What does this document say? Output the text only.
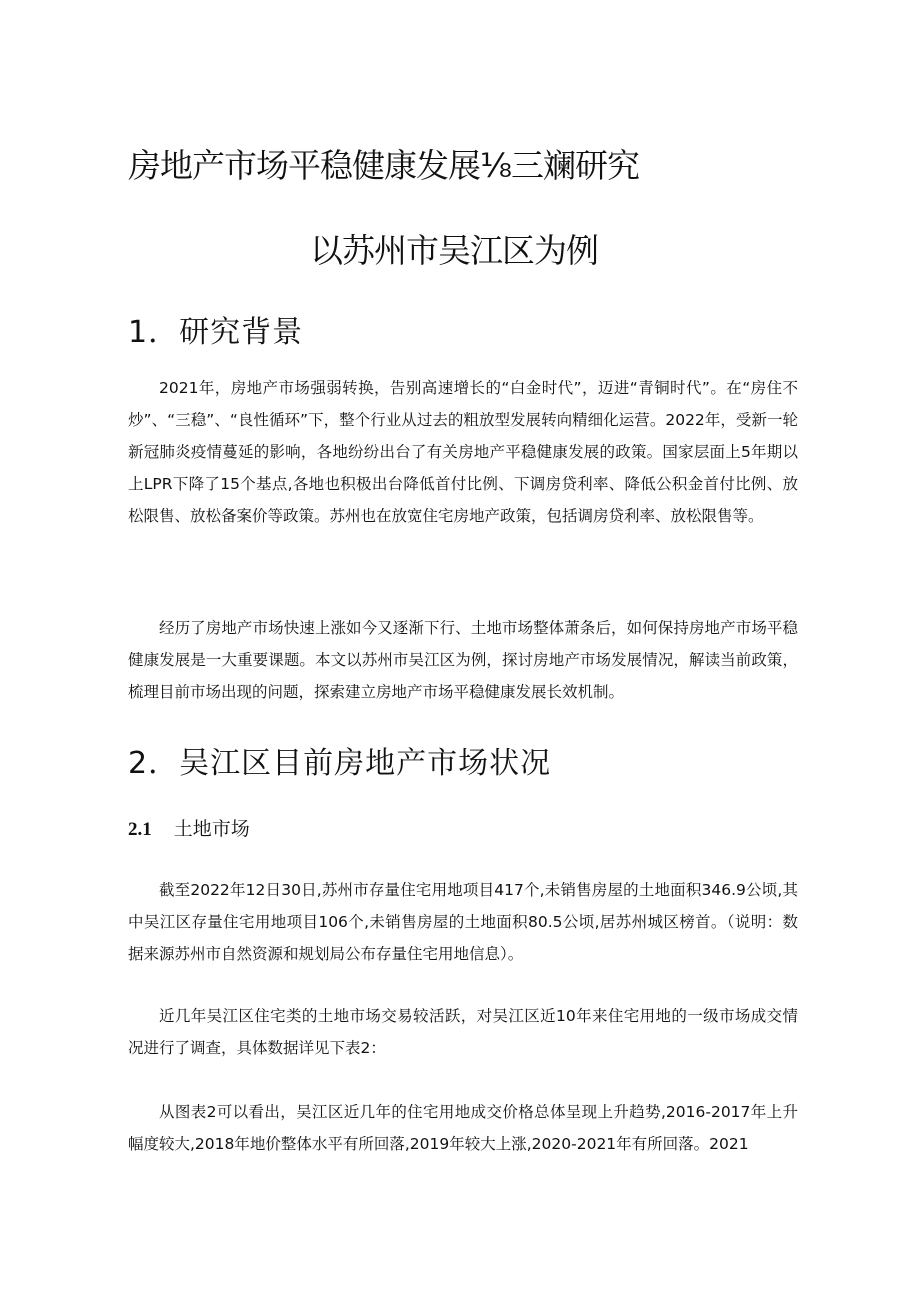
房地产市场平稳健康发展⅛三斓研究
以苏州市吴江区为例
1．研究背景

2021年，房地产市场强弱转换，告别高速增长的“白金时代”，迈进“青铜时代”。在“房住不炒”、“三稳”、“良性循环”下，整个行业从过去的粗放型发展转向精细化运营。2022年，受新一轮新冠肺炎疫情蔓延的影响，各地纷纷出台了有关房地产平稳健康发展的政策。国家层面上5年期以上LPR下降了15个基点,各地也积极出台降低首付比例、下调房贷利率、降低公积金首付比例、放松限售、放松备案价等政策。苏州也在放宽住宅房地产政策，包括调房贷利率、放松限售等。

经历了房地产市场快速上涨如今又逐渐下行、土地市场整体萧条后，如何保持房地产市场平稳健康发展是一大重要课题。本文以苏州市吴江区为例，探讨房地产市场发展情况，解读当前政策，梳理目前市场出现的问题，探索建立房地产市场平稳健康发展长效机制。

2．吴江区目前房地产市场状况
2.1 土地市场

截至2022年12日30日,苏州市存量住宅用地项目417个,未销售房屋的土地面积346.9公顷,其中吴江区存量住宅用地项目106个,未销售房屋的土地面积80.5公顷,居苏州城区榜首。（说明：数据来源苏州市自然资源和规划局公布存量住宅用地信息）。

近几年吴江区住宅类的土地市场交易较活跃，对吴江区近10年来住宅用地的一级市场成交情况进行了调查，具体数据详见下表2：

从图表2可以看出，吴江区近几年的住宅用地成交价格总体呈现上升趋势,2016-2017年上升幅度较大,2018年地价整体水平有所回落,2019年较大上涨,2020-2021年有所回落。2021
